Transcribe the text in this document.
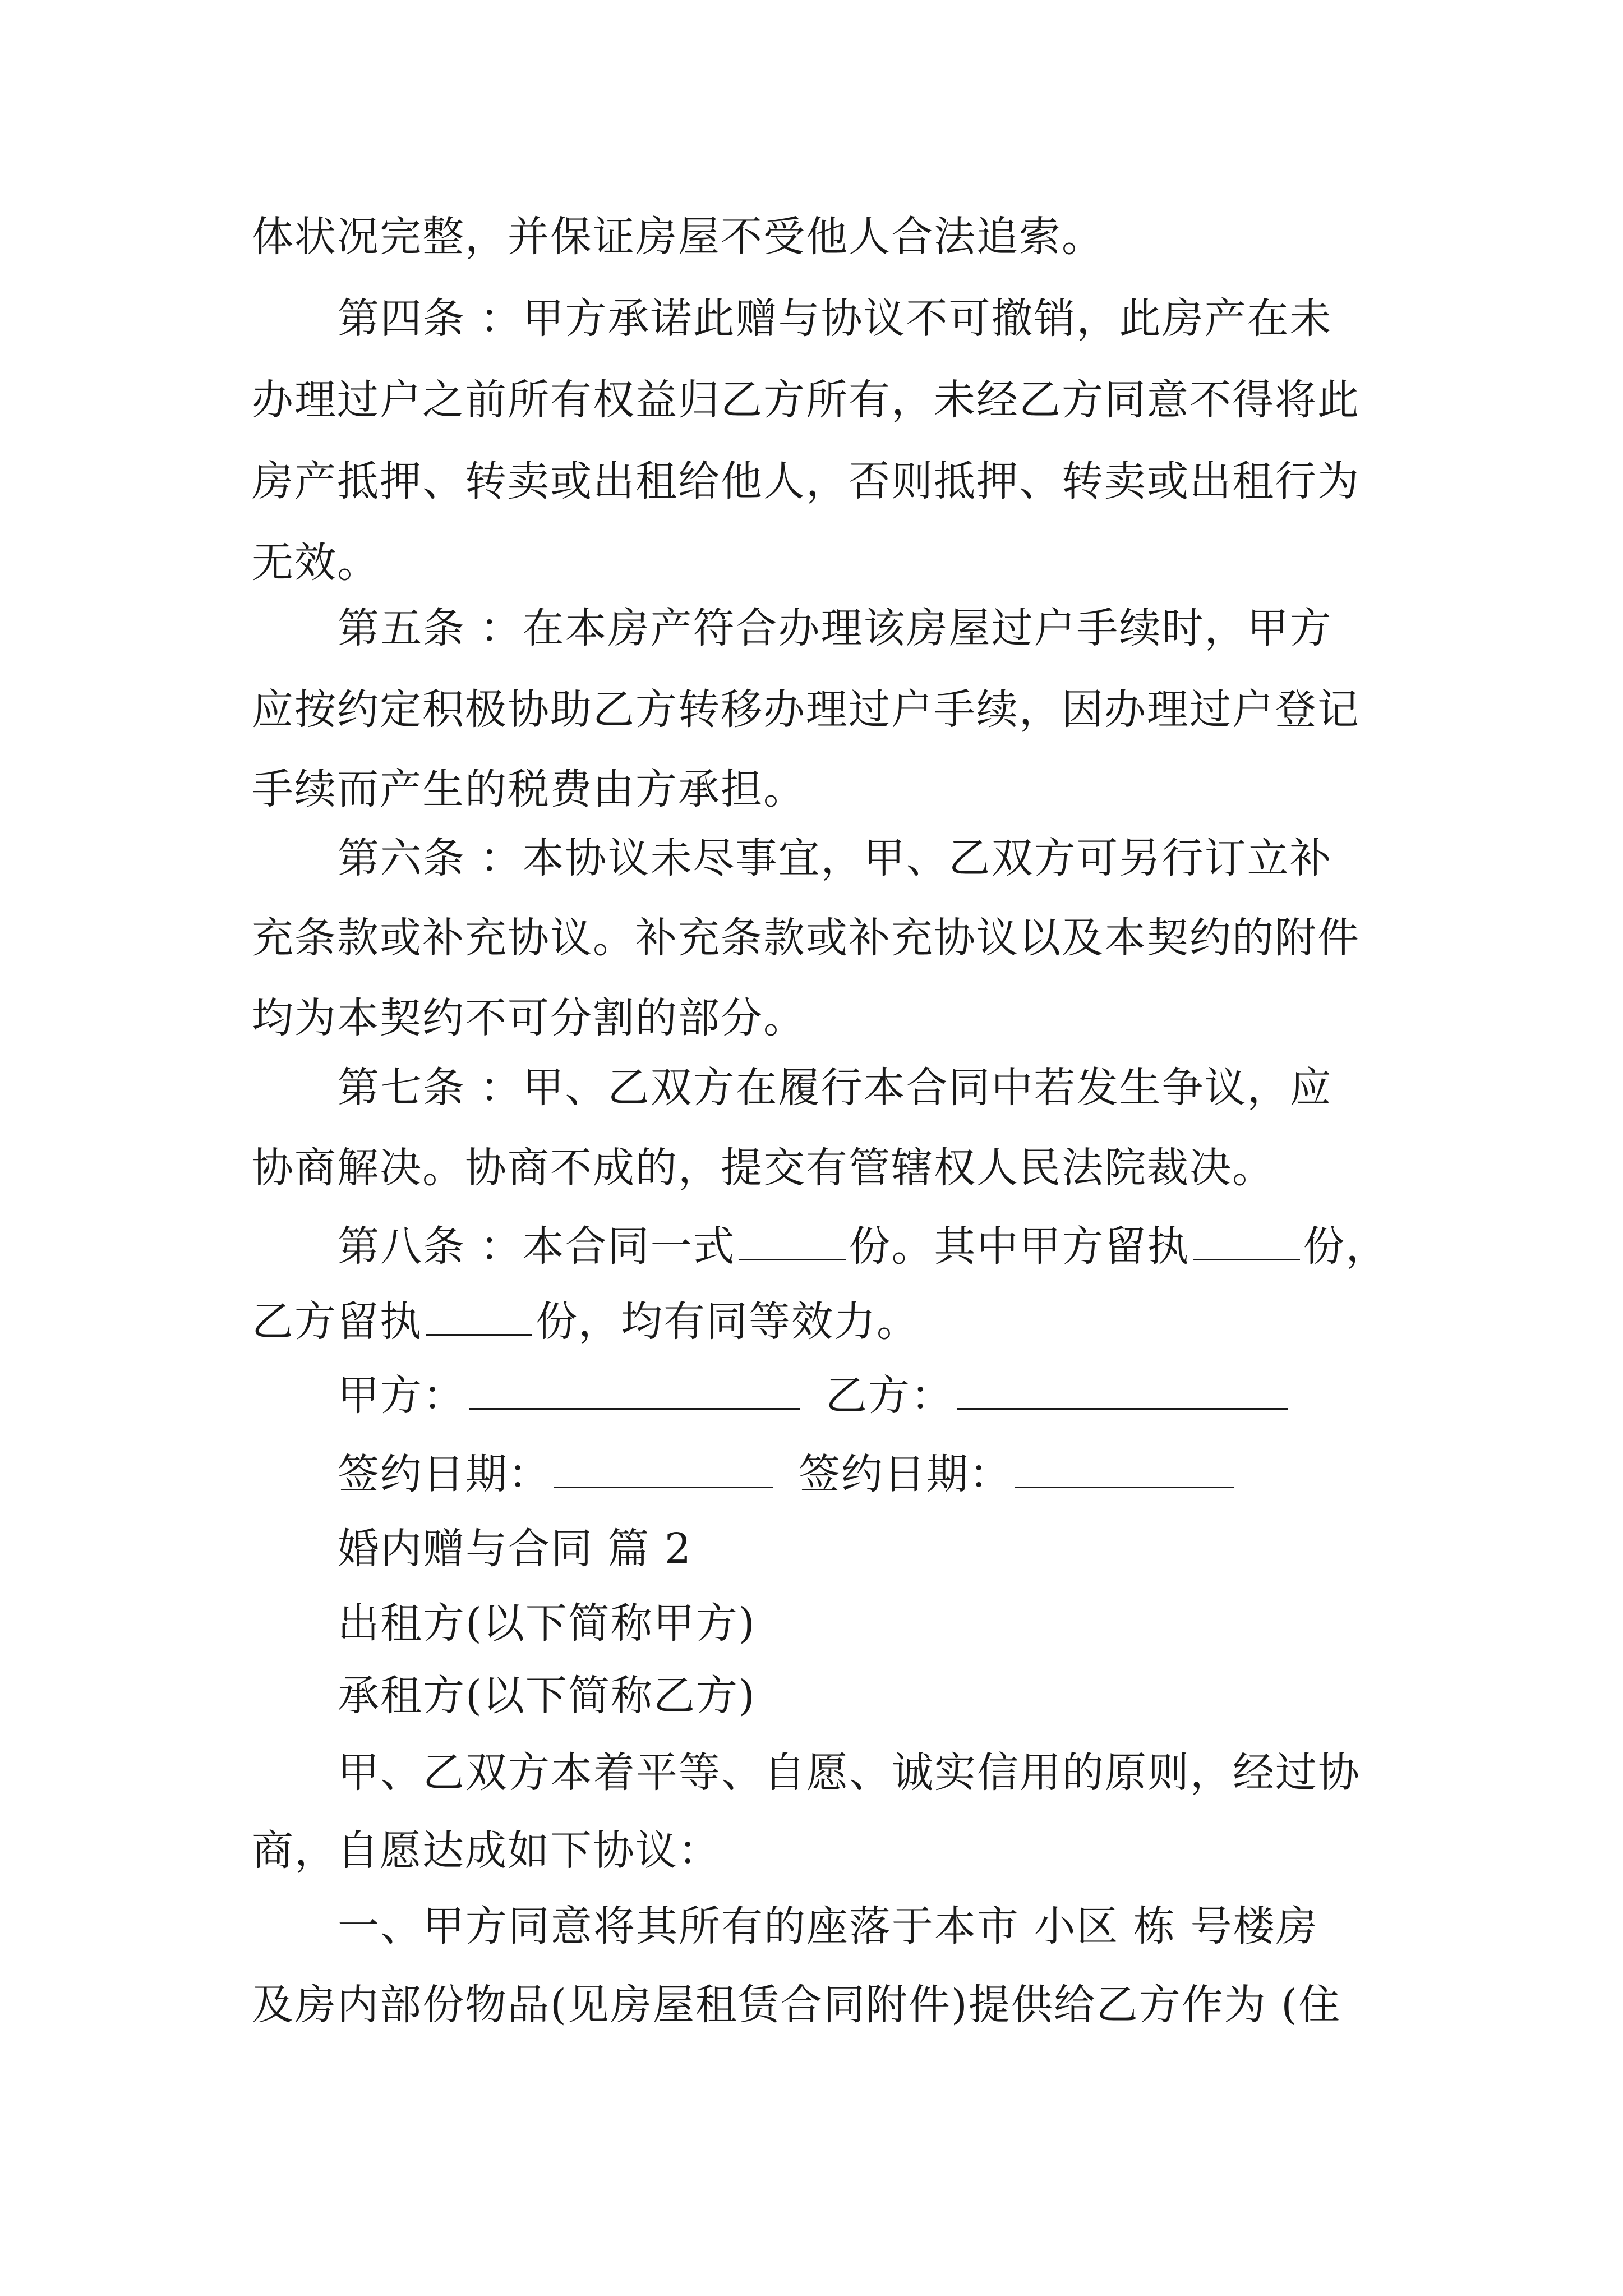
体状况完整，并保证房屋不受他人合法追索。
第四条 ：甲方承诺此赠与协议不可撤销，此房产在未
办理过户之前所有权益归乙方所有，未经乙方同意不得将此
房产抵押、转卖或出租给他人，否则抵押、转卖或出租行为
无效。
第五条 ：在本房产符合办理该房屋过户手续时，甲方
应按约定积极协助乙方转移办理过户手续，因办理过户登记
手续而产生的税费由方承担。
第六条 ：本协议未尽事宜，甲、乙双方可另行订立补
充条款或补充协议。补充条款或补充协议以及本契约的附件
均为本契约不可分割的部分。
第七条 ：甲、乙双方在履行本合同中若发生争议，应
协商解决。协商不成的，提交有管辖权人民法院裁决。
第八条 ：本合同一式	份。其中甲方留执	份，
乙方留执	份，均有同等效力。
甲方：	乙方：
签约日期：	签约日期：
婚内赠与合同 篇 2
出租方(以下简称甲方)
承租方(以下简称乙方)
甲、乙双方本着平等、自愿、诚实信用的原则，经过协
商，自愿达成如下协议：
一、甲方同意将其所有的座落于本市 小区 栋 号楼房
及房内部份物品(见房屋租赁合同附件)提供给乙方作为 (住
